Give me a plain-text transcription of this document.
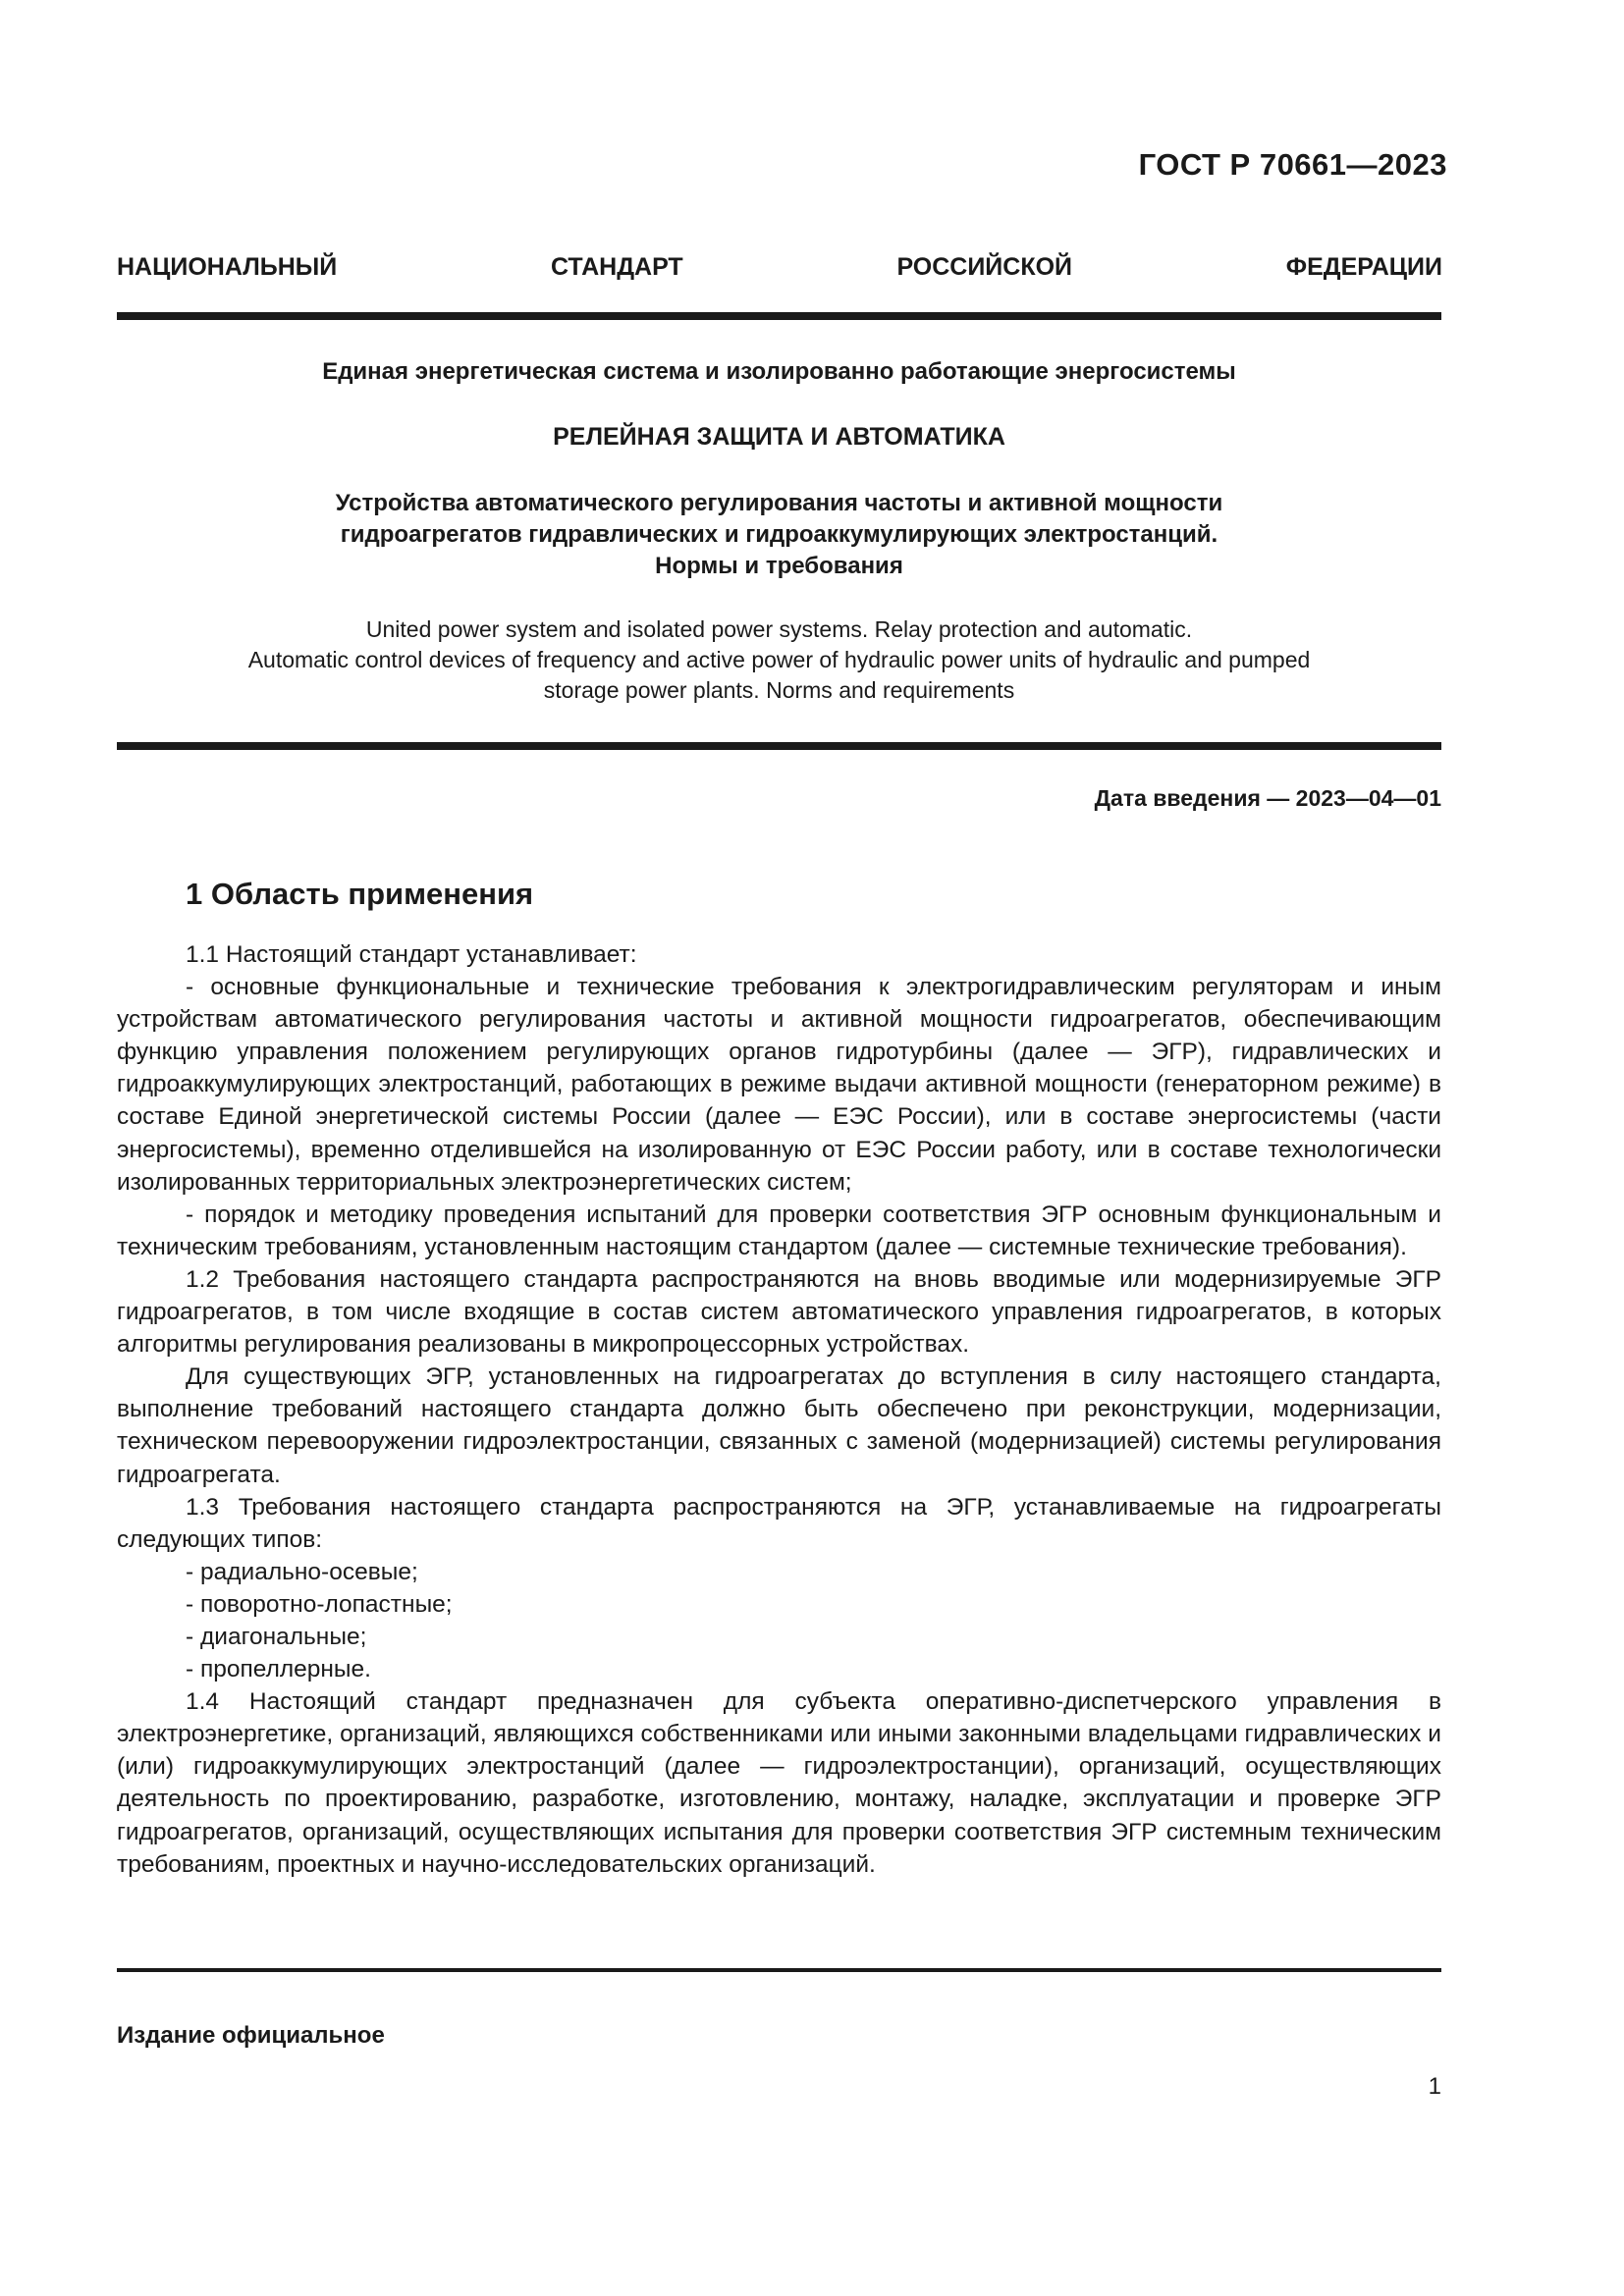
ГОСТ Р 70661—2023
НАЦИОНАЛЬНЫЙ СТАНДАРТ РОССИЙСКОЙ ФЕДЕРАЦИИ
Единая энергетическая система и изолированно работающие энергосистемы
РЕЛЕЙНАЯ ЗАЩИТА И АВТОМАТИКА
Устройства автоматического регулирования частоты и активной мощности
гидроагрегатов гидравлических и гидроаккумулирующих электростанций.
Нормы и требования
United power system and isolated power systems. Relay protection and automatic.
Automatic control devices of frequency and active power of hydraulic power units of hydraulic and pumped
storage power plants. Norms and requirements
Дата введения — 2023—04—01
1 Область применения

1.1 Настоящий стандарт устанавливает:

- основные функциональные и технические требования к электрогидравлическим регуляторам и иным устройствам автоматического регулирования частоты и активной мощности гидроагрегатов, обеспечивающим функцию управления положением регулирующих органов гидротурбины (далее — ЭГР), гидравлических и гидроаккумулирующих электростанций, работающих в режиме выдачи активной мощности (генераторном режиме) в составе Единой энергетической системы России (далее — ЕЭС России), или в составе энергосистемы (части энергосистемы), временно отделившейся на изолированную от ЕЭС России работу, или в составе технологически изолированных территориальных электроэнергетических систем;

- порядок и методику проведения испытаний для проверки соответствия ЭГР основным функциональным и техническим требованиям, установленным настоящим стандартом (далее — системные технические требования).

1.2 Требования настоящего стандарта распространяются на вновь вводимые или модернизируемые ЭГР гидроагрегатов, в том числе входящие в состав систем автоматического управления гидроагрегатов, в которых алгоритмы регулирования реализованы в микропроцессорных устройствах.

Для существующих ЭГР, установленных на гидроагрегатах до вступления в силу настоящего стандарта, выполнение требований настоящего стандарта должно быть обеспечено при реконструкции, модернизации, техническом перевооружении гидроэлектростанции, связанных с заменой (модернизацией) системы регулирования гидроагрегата.

1.3 Требования настоящего стандарта распространяются на ЭГР, устанавливаемые на гидроагрегаты следующих типов:

- радиально-осевые;

- поворотно-лопастные;

- диагональные;

- пропеллерные.

1.4 Настоящий стандарт предназначен для субъекта оперативно-диспетчерского управления в электроэнергетике, организаций, являющихся собственниками или иными законными владельцами гидравлических и (или) гидроаккумулирующих электростанций (далее — гидроэлектростанции), организаций, осуществляющих деятельность по проектированию, разработке, изготовлению, монтажу, наладке, эксплуатации и проверке ЭГР гидроагрегатов, организаций, осуществляющих испытания для проверки соответствия ЭГР системным техническим требованиям, проектных и научно-исследовательских организаций.

Издание официальное
1
